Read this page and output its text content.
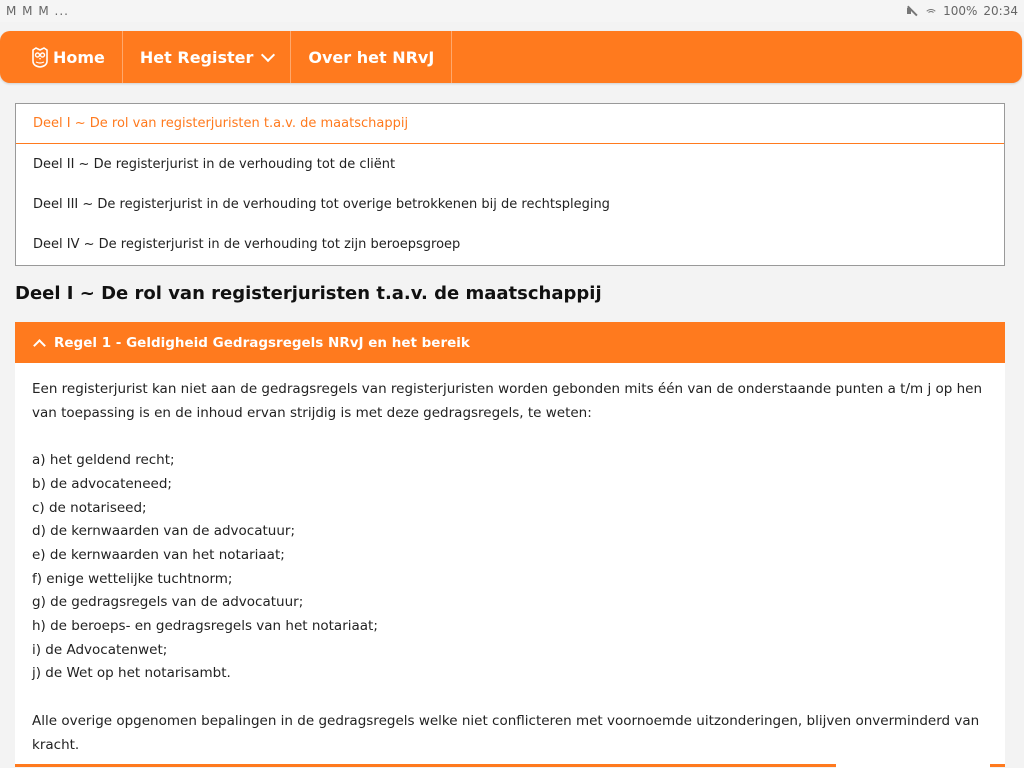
M M M ...	100% 20:34
Home Het Register	Over het NRvJ
Deel I ~ De rol van registerjuristen t.a.v. de maatschappij
Deel II ~ De registerjurist in de verhouding tot de cliënt
Deel III ~ De registerjurist in de verhouding tot overige betrokkenen bij de rechtspleging
Deel IV ~ De registerjurist in de verhouding tot zijn beroepsgroep
Deel I ~ De rol van registerjuristen t.a.v. de maatschappij
Regel 1 - Geldigheid Gedragsregels NRvJ en het bereik

Een registerjurist kan niet aan de gedragsregels van registerjuristen worden gebonden mits één van de onderstaande punten a t/m j op hen van toepassing is en de inhoud ervan strijdig is met deze gedragsregels, te weten:

a) het geldend recht;

b) de advocateneed;

c) de notariseed;

d) de kernwaarden van de advocatuur;

e) de kernwaarden van het notariaat;

f) enige wettelijke tuchtnorm;

g) de gedragsregels van de advocatuur;

h) de beroeps- en gedragsregels van het notariaat;

i) de Advocatenwet;

j) de Wet op het notarisambt.

Alle overige opgenomen bepalingen in de gedragsregels welke niet conflicteren met voornoemde uitzonderingen, blijven onverminderd van kracht.
